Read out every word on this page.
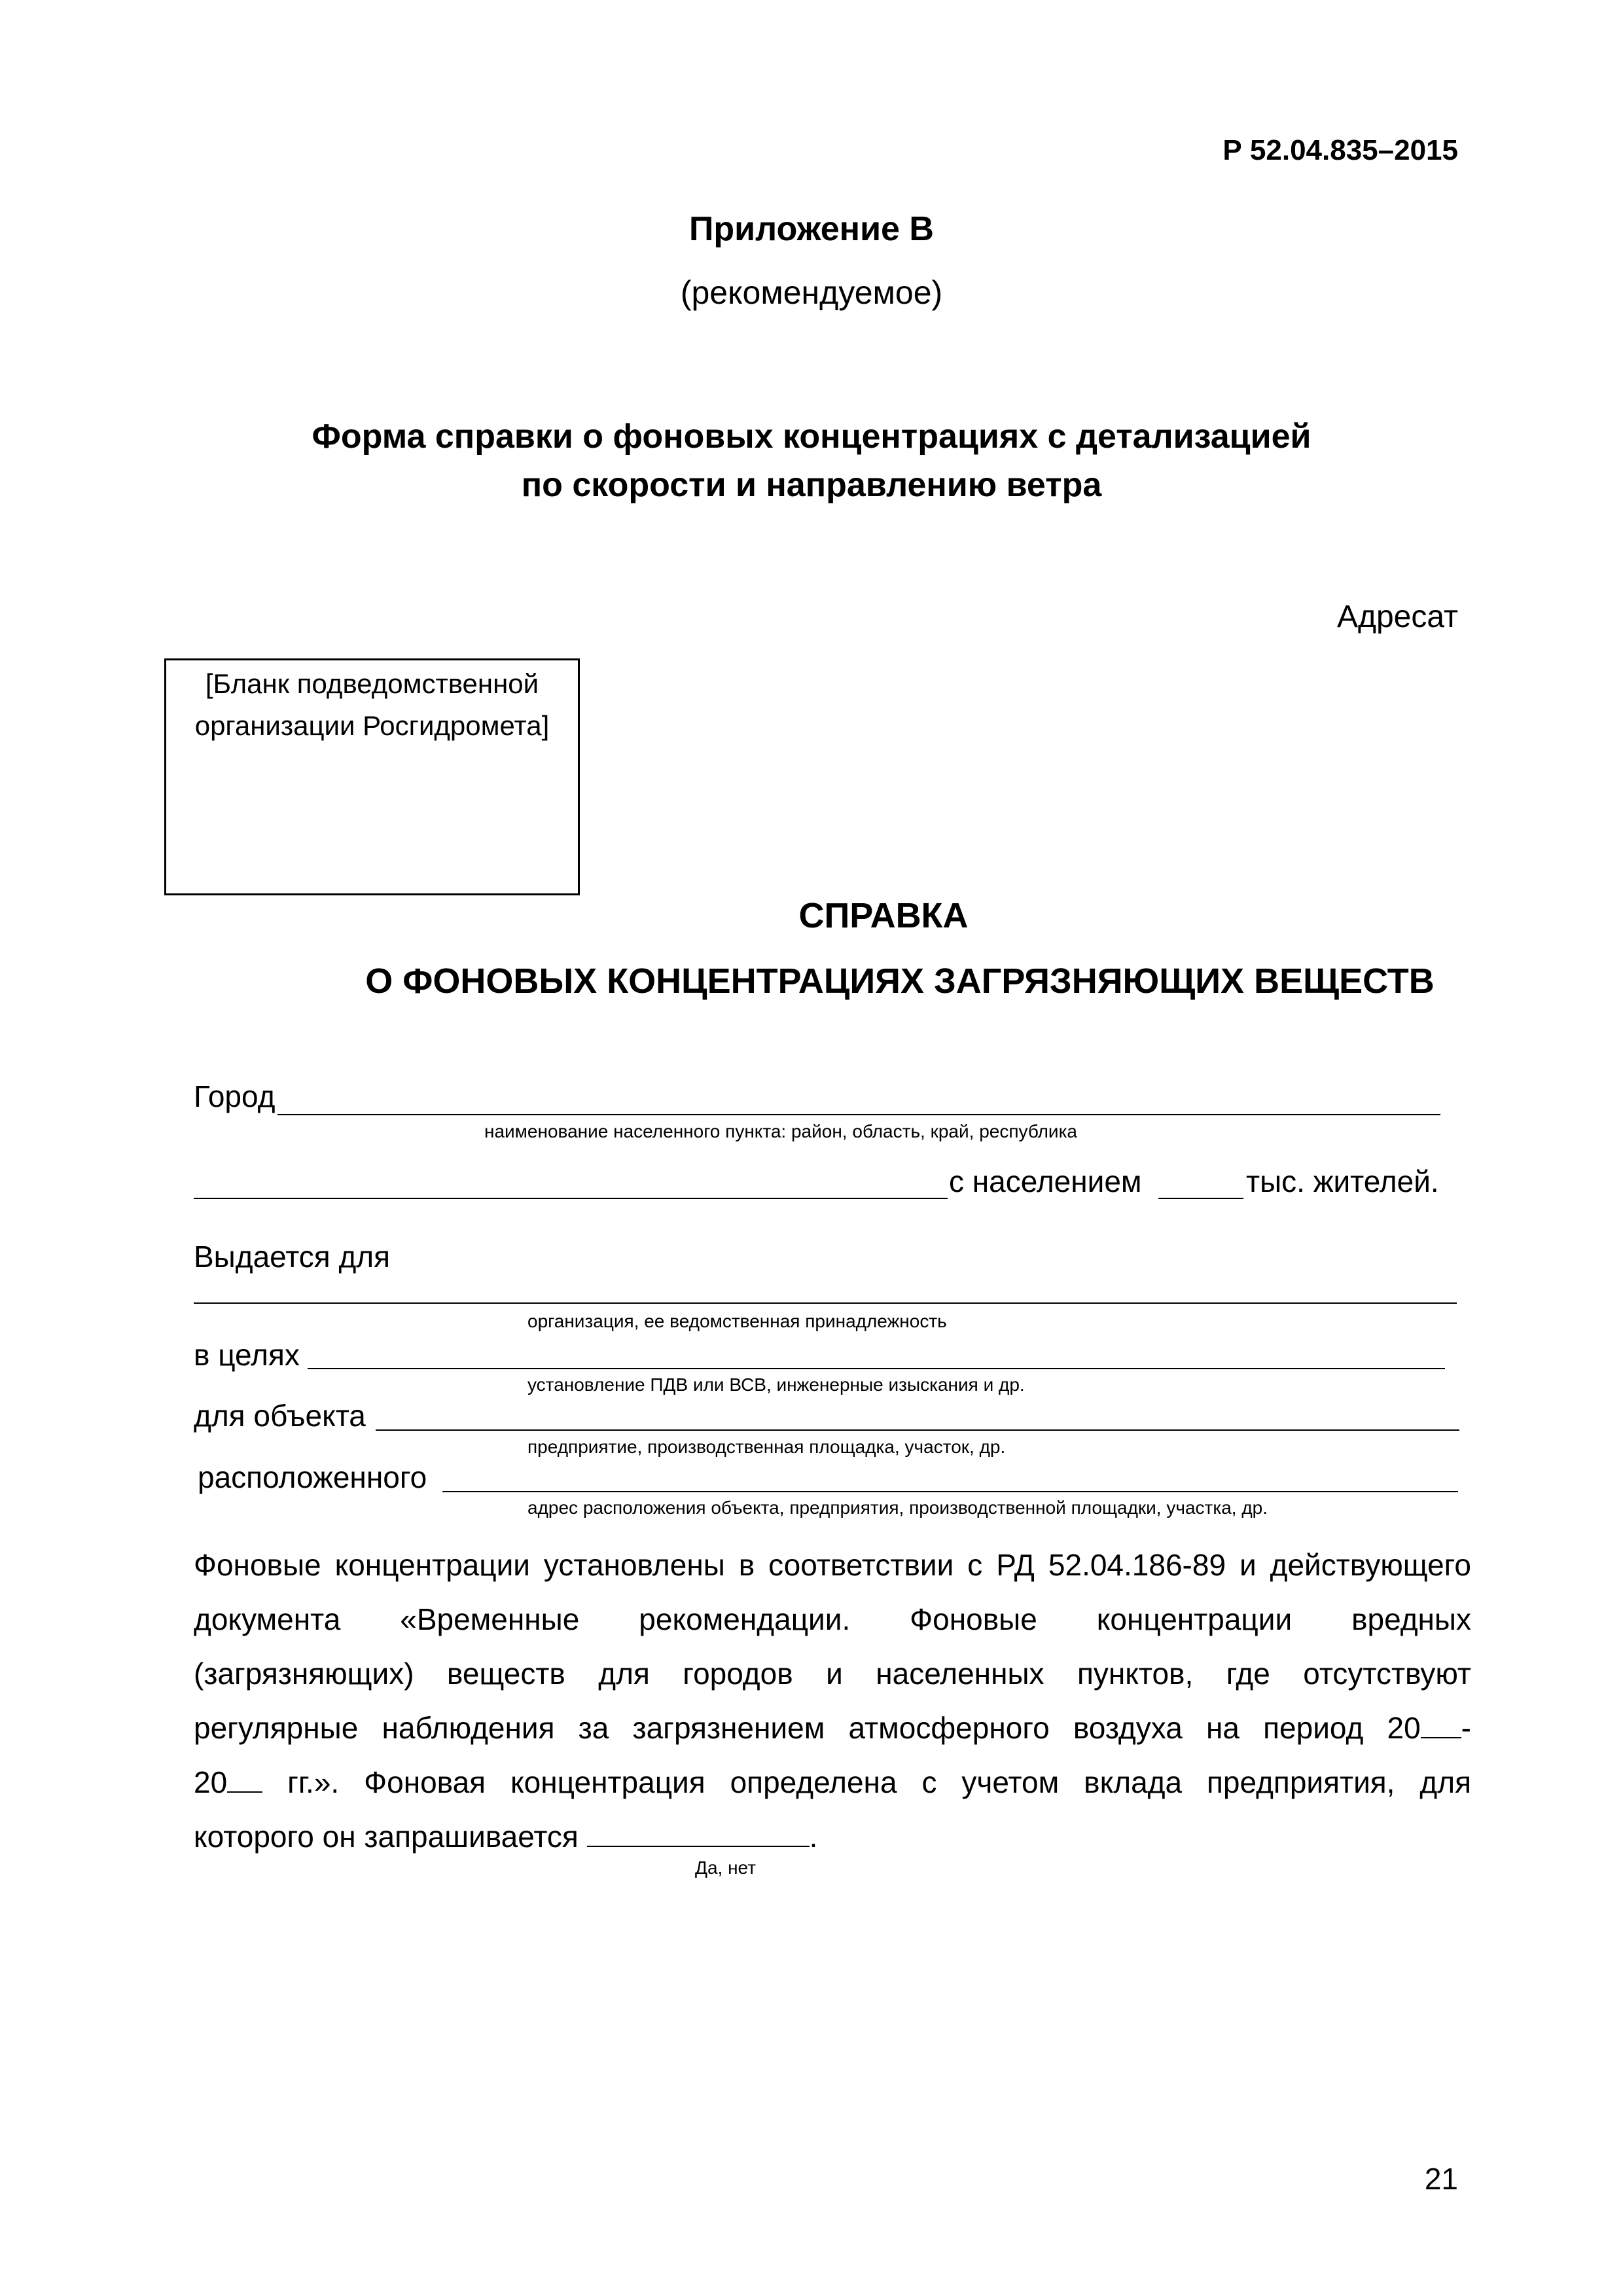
Р 52.04.835–2015
Приложение В
(рекомендуемое)
Форма справки о фоновых концентрациях с детализацией
по скорости и направлению ветра
Адресат
[Бланк подведомственной
организации Росгидромета]
СПРАВКА
О ФОНОВЫХ КОНЦЕНТРАЦИЯХ ЗАГРЯЗНЯЮЩИХ ВЕЩЕСТВ
Город
наименование населенного пункта: район, область, край, республика
с населением	тыс. жителей.
Выдается для
организация, ее ведомственная принадлежность
в целях
установление ПДВ или ВСВ, инженерные изыскания и др.
для объекта
предприятие, производственная площадка, участок, др.
расположенного
адрес расположения объекта, предприятия, производственной площадки, участка, др.
Фоновые концентрации установлены в соответствии с РД 52.04.186-89 и действующего
документа «Временные рекомендации. Фоновые концентрации вредных
(загрязняющих) веществ для городов и населенных пунктов, где отсутствуют
регулярные наблюдения за загрязнением атмосферного воздуха на период 20 -
20 гг.». Фоновая концентрация определена с учетом вклада предприятия, для
которого он запрашивается	.
Да, нет
21
